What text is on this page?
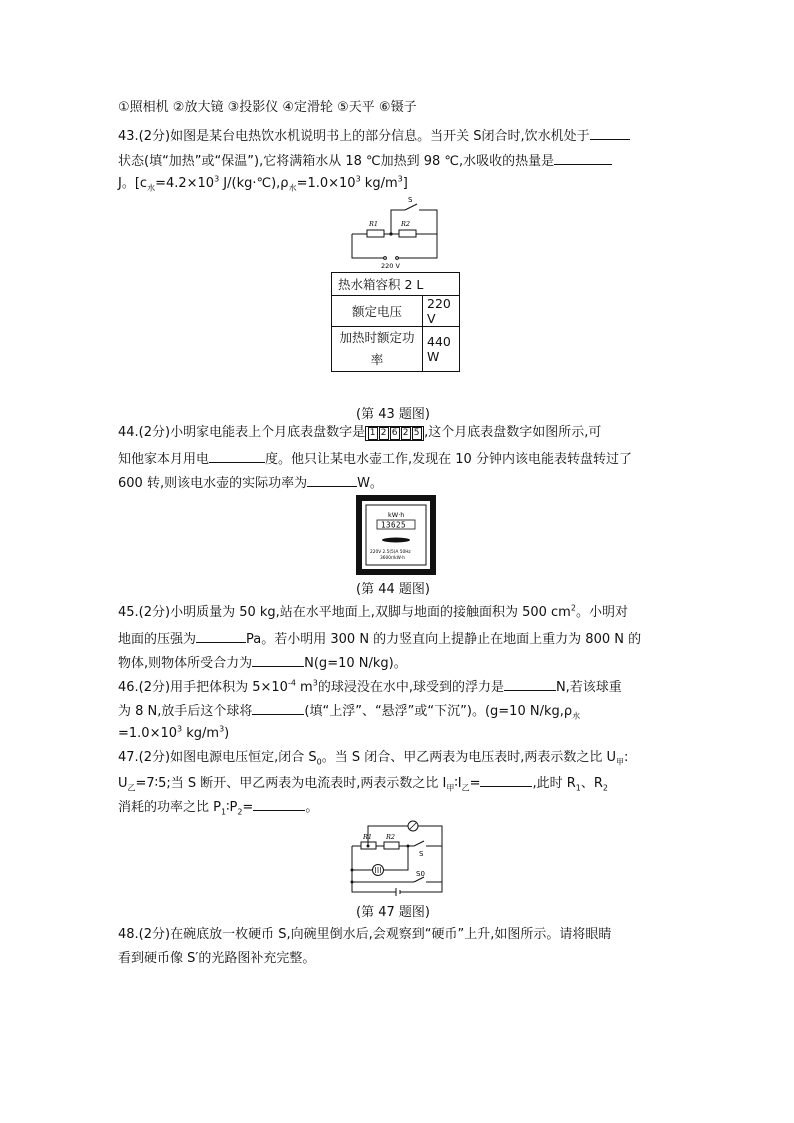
①照相机 ②放大镜 ③投影仪 ④定滑轮 ⑤天平 ⑥镊子
43.(2分)如图是某台电热饮水机说明书上的部分信息。当开关 S闭合时,饮水机处于
状态(填“加热”或“保温”),它将满箱水从 18 ℃加热到 98 ℃,水吸收的热量是
J。[$c_水=4.2\times 10^3$ $J/(kg\cdot℃),\rho_水=1.0\times 10^3$ $kg/m^3$]
S
R1	R2
220 V
热水箱容积 2 L	
额定电压	220 V
加热时额定功率	440 W
(第 43 题图)
44.(2分)小明家电能表上个月底表盘数字是 1 2 6 2 5 ,这个月底表盘数字如图所示,可
知他家本月用电	度。他只让某电水壶工作,发现在 10 分钟内该电能表转盘转过了
600 转,则该电水壶的实际功率为	W。
kW·h
13625
220V 2.5(5)A 50Hz
3600r/kW·h
(第 44 题图)
45.(2分)小明质量为 50 kg,站在水平地面上,双脚与地面的接触面积为 500 $cm^2$。小明对
地面的压强为	Pa。若小明用 300 N 的力竖直向上提静止在地面上重力为 800 N 的
物体,则物体所受合力为	N(g=10 N/kg)。
46.(2分)用手把体积为 $5\times 10^{-4}$ $m^3$的球浸没在水中,球受到的浮力是	N,若该球重
为 8 N,放手后这个球将	(填“上浮”、“悬浮”或“下沉”)。(g=10 $N/kg,\rho_水$
$=1.0\times 10^3$ $kg/m^3$)
47.(2分)如图电源电压恒定,闭合 $S_0$。当 S 闭合、甲乙两表为电压表时,两表示数之比 $U_甲$:
$U_乙=7∶5$;当 S 断开、甲乙两表为电流表时,两表示数之比 $I_甲∶I_乙=$	,此时 $R_1$、$R_2$
消耗的功率之比 $P_1∶P_2=$	。
R1 R2
S
S0
(第 47 题图)
48.(2分)在碗底放一枚硬币 S,向碗里倒水后,会观察到“硬币”上升,如图所示。请将眼睛
看到硬币像 S′的光路图补充完整。
